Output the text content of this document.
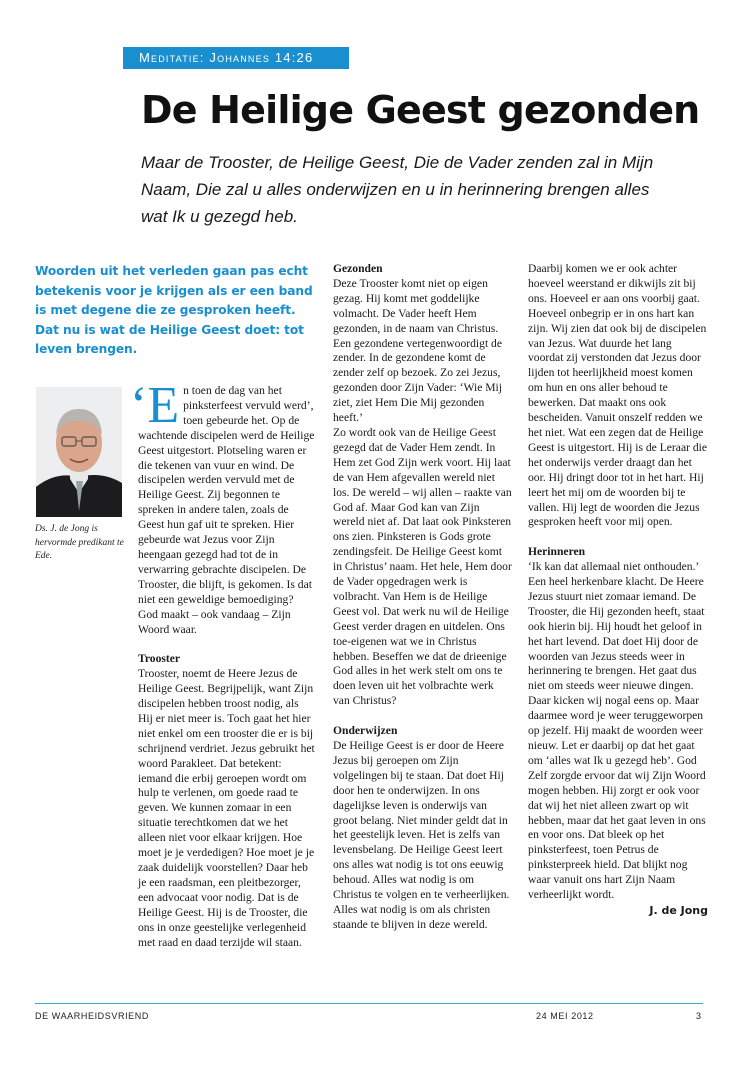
Meditatie: Johannes 14:26
De Heilige Geest gezonden

Maar de Trooster, de Heilige Geest, Die de Vader zenden zal in Mijn Naam, Die zal u alles onderwijzen en u in herinnering brengen alles wat Ik u gezegd heb.

Woorden uit het verleden gaan pas echt betekenis voor je krijgen als er een band is met degene die ze gesproken heeft. Dat nu is wat de Heilige Geest doet: tot leven brengen.

Ds. J. de Jong is hervormde predikant te Ede.

‘E n toen de dag van het pinksterfeest vervuld werd’, toen gebeurde het. Op de wachtende discipelen werd de Heilige Geest uitgestort. Plotseling waren er die tekenen van vuur en wind. De discipelen werden vervuld met de Heilige Geest. Zij begonnen te spreken in andere talen, zoals de Geest hun gaf uit te spreken. Hier gebeurde wat Jezus voor Zijn heengaan gezegd had tot de in verwarring gebrachte discipelen. De Trooster, die blijft, is gekomen. Is dat niet een geweldige bemoediging? God maakt – ook vandaag – Zijn Woord waar.

Trooster

Trooster, noemt de Heere Jezus de Heilige Geest. Begrijpelijk, want Zijn discipelen hebben troost nodig, als Hij er niet meer is. Toch gaat het hier niet enkel om een trooster die er is bij schrijnend verdriet. Jezus gebruikt het woord Parakleet. Dat betekent: iemand die erbij geroepen wordt om hulp te verlenen, om goede raad te geven. We kunnen zomaar in een situatie terechtkomen dat we het alleen niet voor elkaar krijgen. Hoe moet je je verdedigen? Hoe moet je je zaak duidelijk voorstellen? Daar heb je een raadsman, een pleitbezorger, een advocaat voor nodig. Dat is de Heilige Geest. Hij is de Trooster, die ons in onze geestelijke verlegenheid met raad en daad terzijde wil staan.

Gezonden

Deze Trooster komt niet op eigen gezag. Hij komt met goddelijke volmacht. De Vader heeft Hem gezonden, in de naam van Christus. Een gezondene vertegenwoordigt de zender. In de gezondene komt de zender zelf op bezoek. Zo zei Jezus, gezonden door Zijn Vader: ‘Wie Mij ziet, ziet Hem Die Mij gezonden heeft.’

Zo wordt ook van de Heilige Geest gezegd dat de Vader Hem zendt. In Hem zet God Zijn werk voort. Hij laat de van Hem afgevallen wereld niet los. De wereld – wij allen – raakte van God af. Maar God kan van Zijn wereld niet af. Dat laat ook Pinksteren ons zien. Pinksteren is Gods grote zendingsfeit. De Heilige Geest komt in Christus’ naam. Het hele, Hem door de Vader opgedragen werk is volbracht. Van Hem is de Heilige Geest vol. Dat werk nu wil de Heilige Geest verder dragen en uitdelen. Ons toe-eigenen wat we in Christus hebben. Beseffen we dat de drieenige God alles in het werk stelt om ons te doen leven uit het volbrachte werk van Christus?

Onderwijzen

De Heilige Geest is er door de Heere Jezus bij geroepen om Zijn volgelingen bij te staan. Dat doet Hij door hen te onderwijzen. In ons dagelijkse leven is onderwijs van groot belang. Niet minder geldt dat in het geestelijk leven. Het is zelfs van levensbelang. De Heilige Geest leert ons alles wat nodig is tot ons eeuwig behoud. Alles wat nodig is om Christus te volgen en te verheerlijken. Alles wat nodig is om als christen staande te blijven in deze wereld.

Daarbij komen we er ook achter hoeveel weerstand er dikwijls zit bij ons. Hoeveel er aan ons voorbij gaat. Hoeveel onbegrip er in ons hart kan zijn. Wij zien dat ook bij de discipelen van Jezus. Wat duurde het lang voordat zij verstonden dat Jezus door lijden tot heerlijkheid moest komen om hun en ons aller behoud te bewerken. Dat maakt ons ook bescheiden. Vanuit onszelf redden we het niet. Wat een zegen dat de Heilige Geest is uitgestort. Hij is de Leraar die het onderwijs verder draagt dan het oor. Hij dringt door tot in het hart. Hij leert het mij om de woorden bij te vallen. Hij legt de woorden die Jezus gesproken heeft voor mij open.

Herinneren

‘Ik kan dat allemaal niet onthouden.’ Een heel herkenbare klacht. De Heere Jezus stuurt niet zomaar iemand. De Trooster, die Hij gezonden heeft, staat ook hierin bij. Hij houdt het geloof in het hart levend. Dat doet Hij door de woorden van Jezus steeds weer in herinnering te brengen. Het gaat dus niet om steeds weer nieuwe dingen. Daar kicken wij nogal eens op. Maar daarmee word je weer teruggeworpen op jezelf. Hij maakt de woorden weer nieuw. Let er daarbij op dat het gaat om ‘alles wat Ik u gezegd heb’. God Zelf zorgde ervoor dat wij Zijn Woord mogen hebben. Hij zorgt er ook voor dat wij het niet alleen zwart op wit hebben, maar dat het gaat leven in ons en voor ons. Dat bleek op het pinksterfeest, toen Petrus de pinksterpreek hield. Dat blijkt nog waar vanuit ons hart Zijn Naam verheerlijkt wordt.

J. de Jong
DE WAARHEIDSVRIEND	24 MEI 2012	3
